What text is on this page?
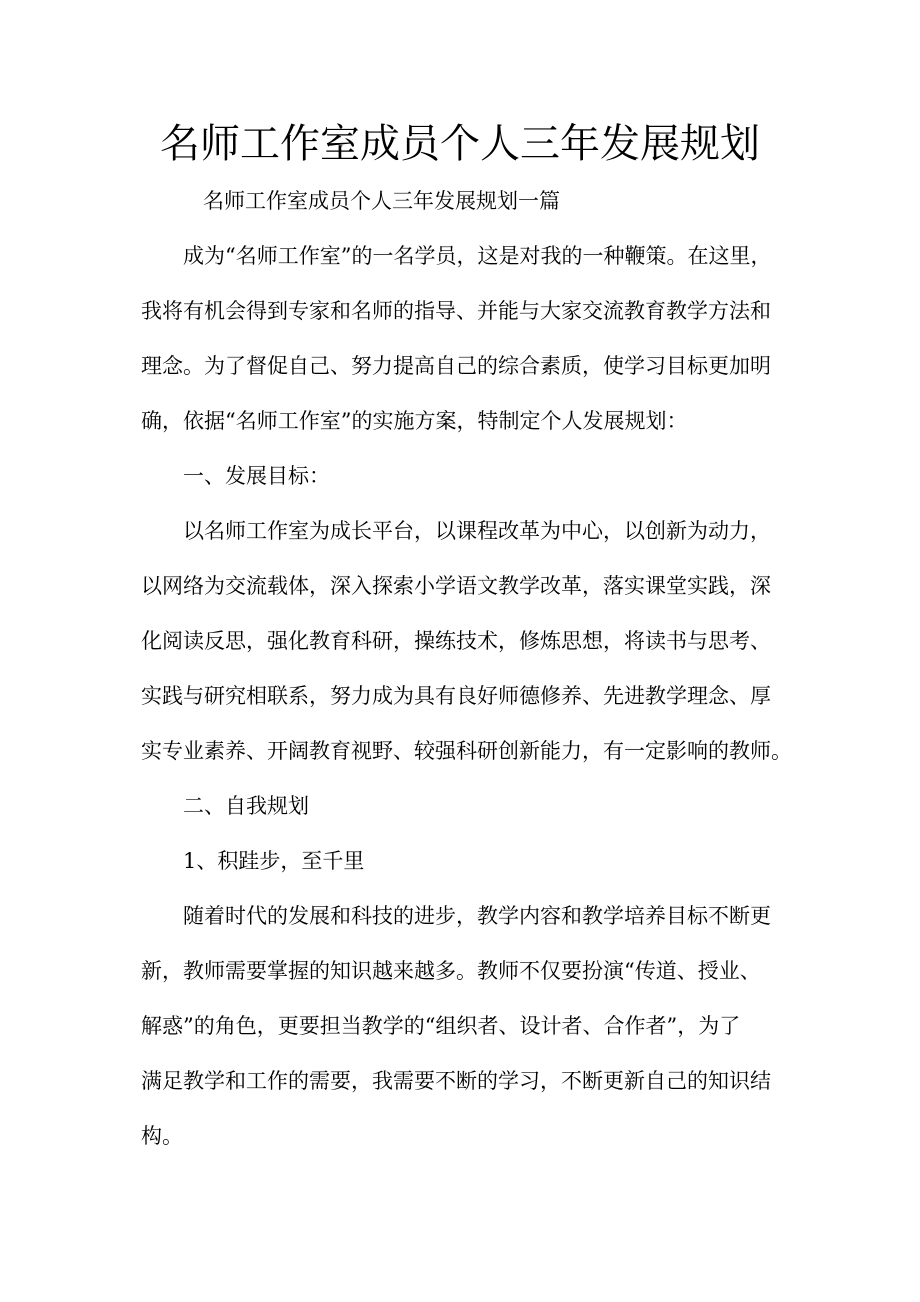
名师工作室成员个人三年发展规划
名师工作室成员个人三年发展规划一篇
成为“名师工作室”的一名学员，这是对我的一种鞭策。在这里，
我将有机会得到专家和名师的指导、并能与大家交流教育教学方法和
理念。为了督促自己、努力提高自己的综合素质，使学习目标更加明
确，依据“名师工作室”的实施方案，特制定个人发展规划：
一、发展目标：
以名师工作室为成长平台，以课程改革为中心，以创新为动力，
以网络为交流载体，深入探索小学语文教学改革，落实课堂实践，深
化阅读反思，强化教育科研，操练技术，修炼思想，将读书与思考、
实践与研究相联系，努力成为具有良好师德修养、先进教学理念、厚
实专业素养、开阔教育视野、较强科研创新能力，有一定影响的教师。
二、自我规划
1、积跬步，至千里
随着时代的发展和科技的进步，教学内容和教学培养目标不断更
新，教师需要掌握的知识越来越多。教师不仅要扮演“传道、授业、
解惑”的角色，更要担当教学的“组织者、设计者、合作者”，为了
满足教学和工作的需要，我需要不断的学习，不断更新自己的知识结
构。
